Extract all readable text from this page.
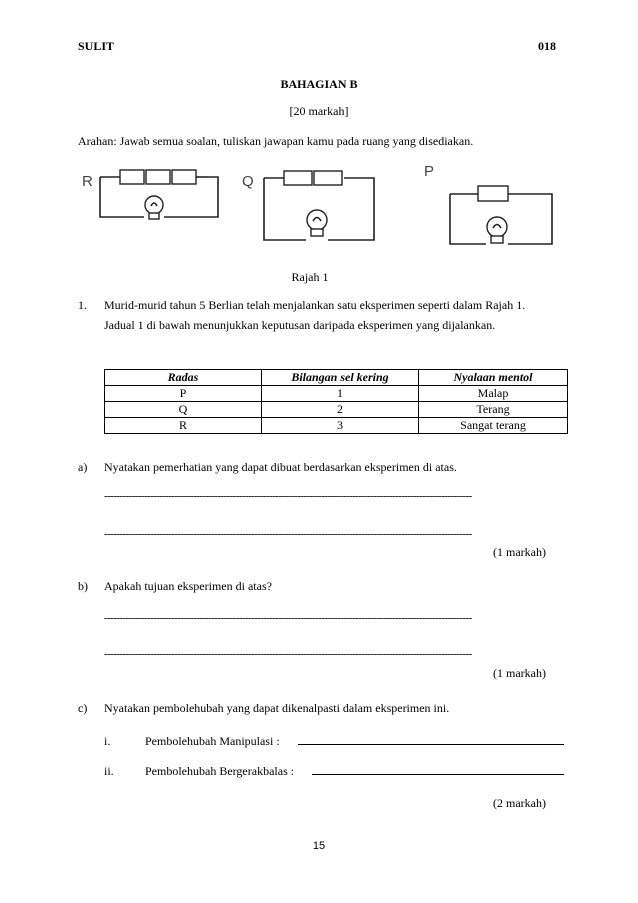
SULIT	018
BAHAGIAN B
[20 markah]
Arahan: Jawab semua soalan, tuliskan jawapan kamu pada ruang yang disediakan.
R	Q
P
Rajah 1
1. Murid-murid tahun 5 Berlian telah menjalankan satu eksperimen seperti dalam Rajah 1.
Jadual 1 di bawah menunjukkan keputusan daripada eksperimen yang dijalankan.
Radas	Bilangan sel kering	Nyalaan mentol
P	1	Malap
Q	2	Terang
R	3	Sangat terang
a) Nyatakan pemerhatian yang dapat dibuat berdasarkan eksperimen di atas.
------------------------------------------------------------------------------------------------------------------------
------------------------------------------------------------------------------------------------------------------------
(1 markah)
b) Apakah tujuan eksperimen di atas?
------------------------------------------------------------------------------------------------------------------------
------------------------------------------------------------------------------------------------------------------------
(1 markah)
c) Nyatakan pembolehubah yang dapat dikenalpasti dalam eksperimen ini.
i.	Pembolehubah Manipulasi :
ii.	Pembolehubah Bergerakbalas :
(2 markah)
15
